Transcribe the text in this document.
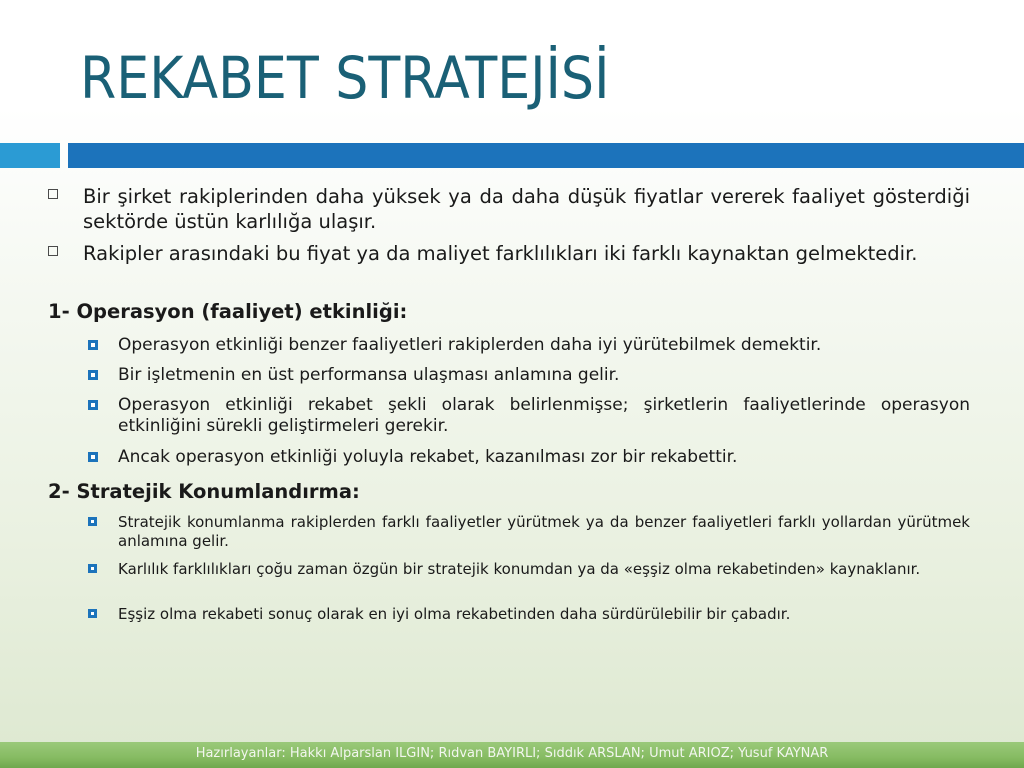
REKABET STRATEJİSİ
Bir şirket rakiplerinden daha yüksek ya da daha düşük fiyatlar vererek faaliyet gösterdiği sektörde üstün karlılığa ulaşır.
Rakipler arasındaki bu fiyat ya da maliyet farklılıkları iki farklı kaynaktan gelmektedir.
1- Operasyon (faaliyet) etkinliği:
Operasyon etkinliği benzer faaliyetleri rakiplerden daha iyi yürütebilmek demektir.
Bir işletmenin en üst performansa ulaşması anlamına gelir.
Operasyon etkinliği rekabet şekli olarak belirlenmişse; şirketlerin faaliyetlerinde operasyon etkinliğini sürekli geliştirmeleri gerekir.
Ancak operasyon etkinliği yoluyla rekabet, kazanılması zor bir rekabettir.
2- Stratejik Konumlandırma:
Stratejik konumlanma rakiplerden farklı faaliyetler yürütmek ya da benzer faaliyetleri farklı yollardan yürütmek anlamına gelir.
Karlılık farklılıkları çoğu zaman özgün bir stratejik konumdan ya da «eşşiz olma rekabetinden» kaynaklanır.
Eşşiz olma rekabeti sonuç olarak en iyi olma rekabetinden daha sürdürülebilir bir çabadır.
Hazırlayanlar: Hakkı Alparslan ILGIN; Rıdvan BAYIRLI; Sıddık ARSLAN; Umut ARIOZ; Yusuf KAYNAR
